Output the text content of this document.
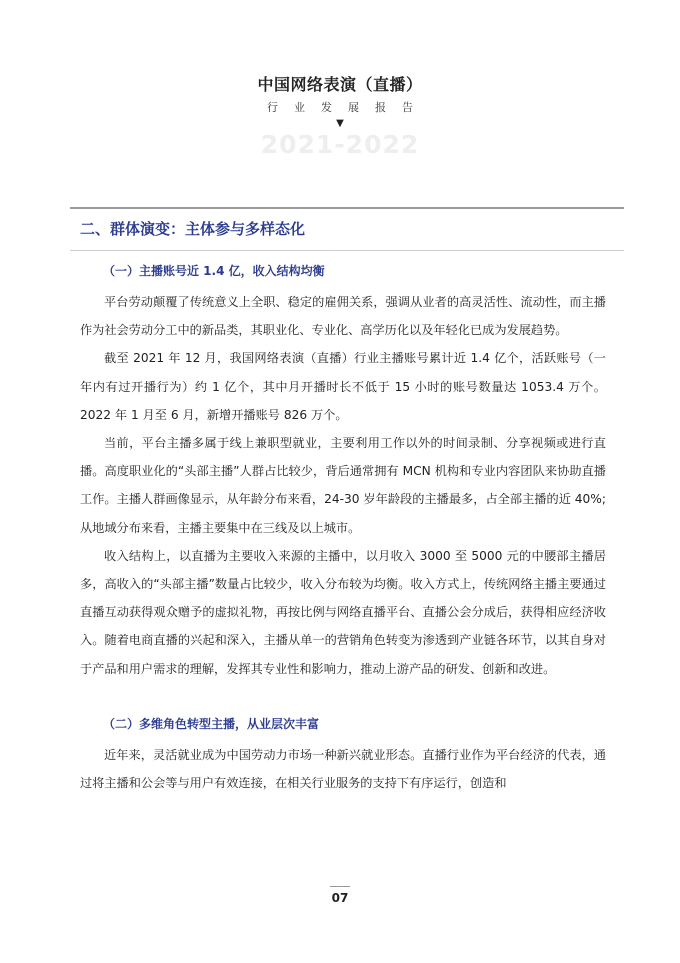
中国网络表演（直播）
行业发展报告
▼
2021-2022
二、群体演变：主体参与多样态化
（一）主播账号近 1.4 亿，收入结构均衡

平台劳动颠覆了传统意义上全职、稳定的雇佣关系，强调从业者的高灵活性、流动性，而主播作为社会劳动分工中的新品类，其职业化、专业化、高学历化以及年轻化已成为发展趋势。

截至 2021 年 12 月，我国网络表演（直播）行业主播账号累计近 1.4 亿个，活跃账号（一年内有过开播行为）约 1 亿个，其中月开播时长不低于 15 小时的账号数量达 1053.4 万个。2022 年 1 月至 6 月，新增开播账号 826 万个。

当前，平台主播多属于线上兼职型就业，主要利用工作以外的时间录制、分享视频或进行直播。高度职业化的“头部主播”人群占比较少，背后通常拥有 MCN 机构和专业内容团队来协助直播工作。主播人群画像显示，从年龄分布来看，24-30 岁年龄段的主播最多，占全部主播的近 40%; 从地域分布来看，主播主要集中在三线及以上城市。

收入结构上，以直播为主要收入来源的主播中，以月收入 3000 至 5000 元的中腰部主播居多，高收入的“头部主播”数量占比较少，收入分布较为均衡。收入方式上，传统网络主播主要通过直播互动获得观众赠予的虚拟礼物，再按比例与网络直播平台、直播公会分成后，获得相应经济收入。随着电商直播的兴起和深入，主播从单一的营销角色转变为渗透到产业链各环节，以其自身对于产品和用户需求的理解，发挥其专业性和影响力，推动上游产品的研发、创新和改进。

（二）多维角色转型主播，从业层次丰富

近年来，灵活就业成为中国劳动力市场一种新兴就业形态。直播行业作为平台经济的代表，通过将主播和公会等与用户有效连接，在相关行业服务的支持下有序运行，创造和

07
